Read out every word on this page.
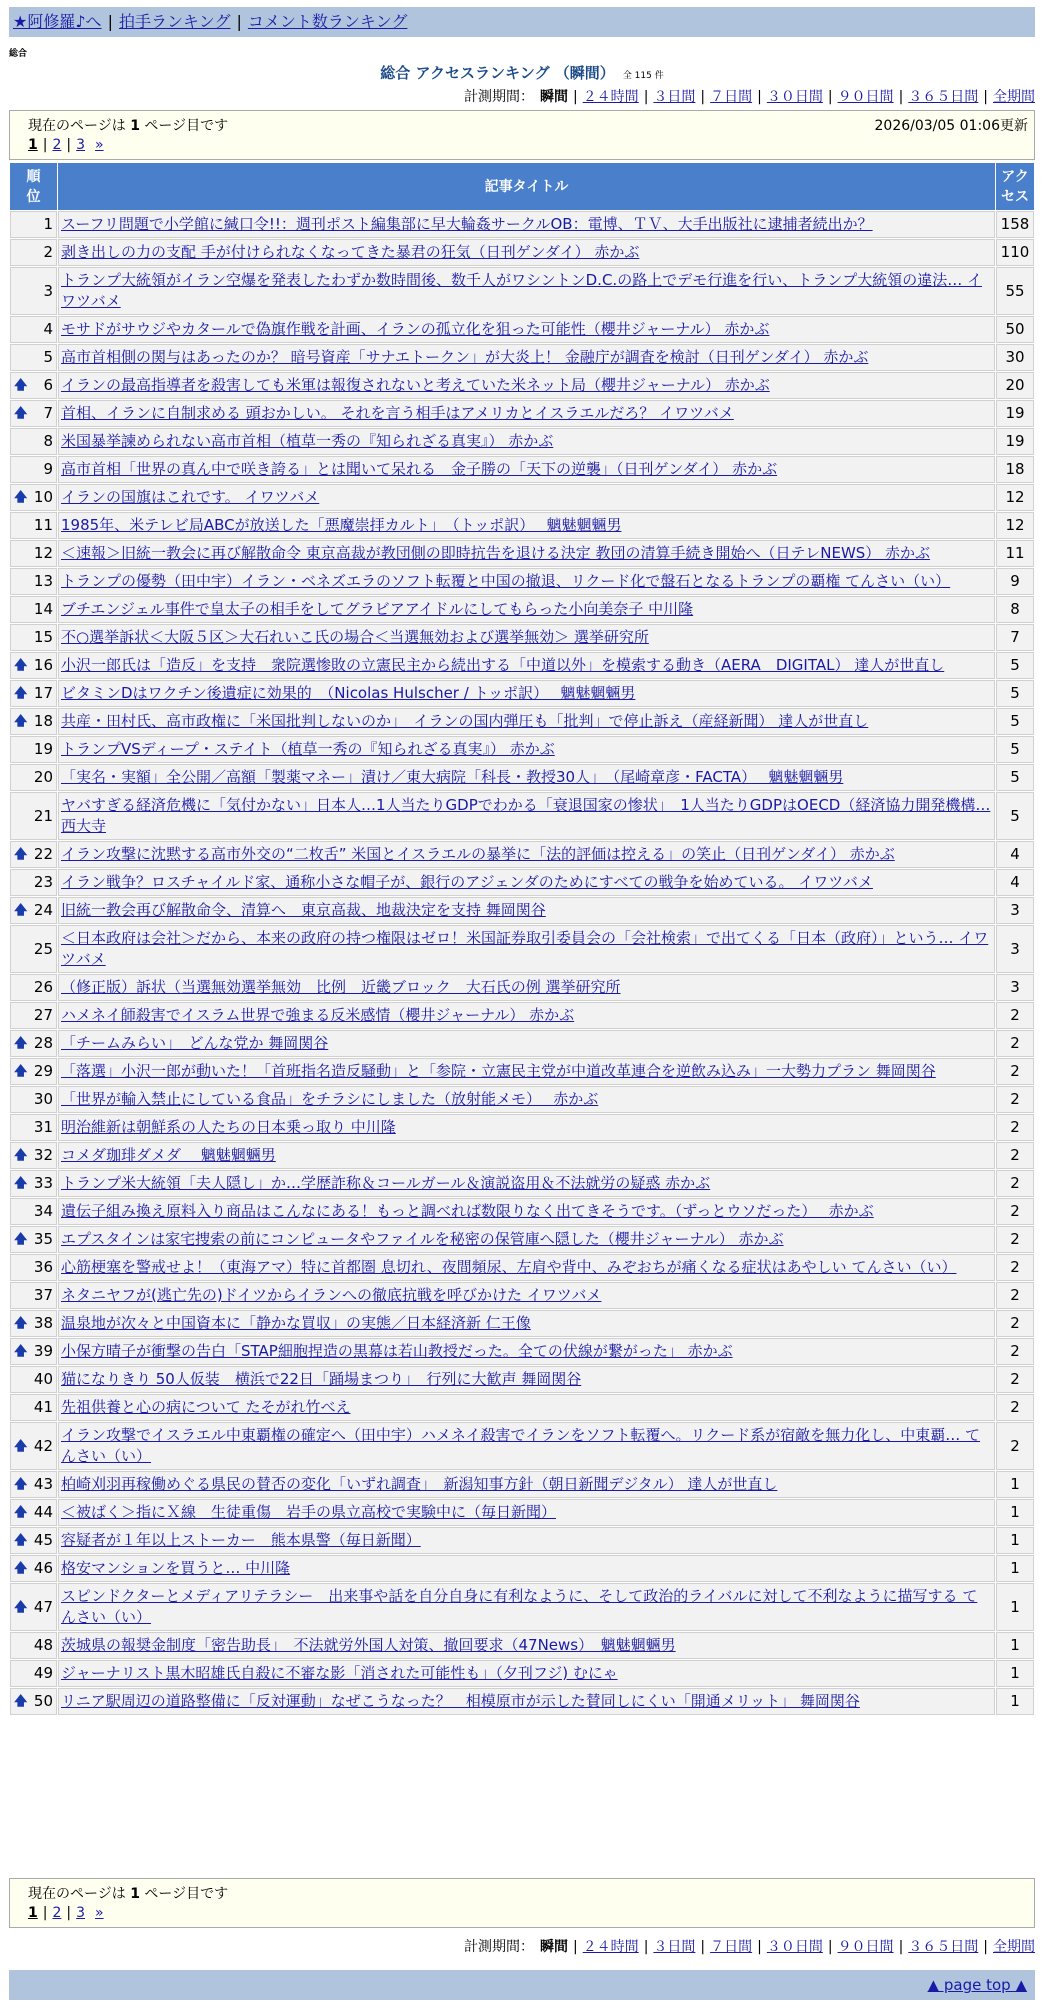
★阿修羅♪へ | 拍手ランキング | コメント数ランキング
総合
総合 アクセスランキング （瞬間） 全 115 件
計測期間： 瞬間 | ２４時間 | ３日間 | ７日間 | ３０日間 | ９０日間 | ３６５日間 | 全期間
現在のページは 1 ページ目です	2026/03/05 01:06更新
1 | 2 | 3 »
順位	記事タイトル	アクセス
1	スーフリ問題で小学館に緘口令!!：週刊ポスト編集部に早大輪姦サークルOB：電博、ＴＶ、大手出版社に逮捕者続出か？	158
2	剥き出しの力の支配 手が付けられなくなってきた暴君の狂気（日刊ゲンダイ） 赤かぶ	110
3	トランプ大統領がイラン空爆を発表したわずか数時間後、数千人がワシントンD.C.の路上でデモ行進を行い、トランプ大統領の違法… イワツバメ	55
4	モサドがサウジやカタールで偽旗作戦を計画、イランの孤立化を狙った可能性（櫻井ジャーナル） 赤かぶ	50
5	高市首相側の関与はあったのか？ 暗号資産「サナエトークン」が大炎上！ 金融庁が調査を検討（日刊ゲンダイ） 赤かぶ	30

🡅 6	イランの最高指導者を殺害しても米軍は報復されないと考えていた米ネット局（櫻井ジャーナル） 赤かぶ	20

🡅 7	首相、イランに自制求める 頭おかしい。 それを言う相手はアメリカとイスラエルだろ？ イワツバメ	19
8	米国暴挙諫められない高市首相（植草一秀の『知られざる真実』） 赤かぶ	19
9	高市首相「世界の真ん中で咲き誇る」とは聞いて呆れる　金子勝の「天下の逆襲」（日刊ゲンダイ） 赤かぶ	18

🡅 10	イランの国旗はこれです。 イワツバメ	12
11	1985年、米テレビ局ABCが放送した「悪魔崇拝カルト」　（トッポ訳）　 魑魅魍魎男	12
12	＜速報＞旧統一教会に再び解散命令 東京高裁が教団側の即時抗告を退ける決定 教団の清算手続き開始へ（日テレNEWS） 赤かぶ	11
13	トランプの優勢（田中宇）イラン・ベネズエラのソフト転覆と中国の撤退、リクード化で盤石となるトランプの覇権 てんさい（い）	9
14	ブチエンジェル事件で皇太子の相手をしてグラビアアイドルにしてもらった小向美奈子 中川隆	8
15	不○選挙訴状＜大阪５区＞大石れいこ氏の場合＜当選無効および選挙無効＞ 選挙研究所	7

🡅 16	小沢一郎氏は「造反」を支持　衆院選惨敗の立憲民主から続出する「中道以外」を模索する動き（AERA　DIGITAL） 達人が世直し	5

🡅 17	ビタミンDはワクチン後遺症に効果的　（Nicolas Hulscher / トッポ訳）　 魑魅魍魎男	5

🡅 18	共産・田村氏、高市政権に「米国批判しないのか」　イランの国内弾圧も「批判」で停止訴え（産経新聞） 達人が世直し	5
19	トランプVSディープ・ステイト（植草一秀の『知られざる真実』） 赤かぶ	5
20	「実名・実額」全公開／高額「製薬マネー」漬け／東大病院「科長・教授30人」　（尾崎章彦・FACTA）　 魑魅魍魎男	5
21	ヤバすぎる経済危機に「気付かない」日本人…1人当たりGDPでわかる「衰退国家の惨状」　1人当たりGDPはOECD（経済協力開発機構… 西大寺	5

🡅 22	イラン攻撃に沈黙する高市外交の“二枚舌” 米国とイスラエルの暴挙に「法的評価は控える」の笑止（日刊ゲンダイ） 赤かぶ	4
23	イラン戦争？ロスチャイルド家、通称小さな帽子が、銀行のアジェンダのためにすべての戦争を始めている。 イワツバメ	4

🡅 24	旧統一教会再び解散命令、清算へ　東京高裁、地裁決定を支持 舞岡関谷	3
25	＜日本政府は会社＞だから、本来の政府の持つ権限はゼロ！米国証券取引委員会の「会社検索」で出てくる「日本（政府）」という… イワツバメ	3
26	（修正版）訴状（当選無効選挙無効　比例　近畿ブロック　大石氏の例 選挙研究所	3
27	ハメネイ師殺害でイスラム世界で強まる反米感情（櫻井ジャーナル） 赤かぶ	2

🡅 28	「チームみらい」　どんな党か 舞岡関谷	2

🡅 29	「落選」小沢一郎が動いた！「首班指名造反騒動」と「参院・立憲民主党が中道改革連合を逆飲み込み」一大勢力プラン 舞岡関谷	2
30	「世界が輸入禁止にしている食品」をチラシにしました（放射能メモ）　 赤かぶ	2
31	明治維新は朝鮮系の人たちの日本乗っ取り 中川隆	2

🡅 32	コメダ珈琲ダメダ　 魑魅魍魎男	2

🡅 33	トランプ米大統領「夫人隠し」か…学歴詐称＆コールガール＆演説盗用＆不法就労の疑惑 赤かぶ	2
34	遺伝子組み換え原料入り商品はこんなにある！もっと調べれば数限りなく出てきそうです。（ずっとウソだった）　 赤かぶ	2

🡅 35	エプスタインは家宅捜索の前にコンピュータやファイルを秘密の保管庫へ隠した（櫻井ジャーナル） 赤かぶ	2
36	心筋梗塞を警戒せよ！（東海アマ）特に首都圏 息切れ、夜間頻尿、左肩や背中、みぞおちが痛くなる症状はあやしい てんさい（い）	2
37	ネタニヤフが(逃亡先の)ドイツからイランへの徹底抗戦を呼びかけた イワツバメ	2

🡅 38	温泉地が次々と中国資本に「静かな買収」の実態／日本経済新 仁王像	2

🡅 39	小保方晴子が衝撃の告白「STAP細胞捏造の黒幕は若山教授だった。全ての伏線が繋がった」 赤かぶ	2
40	猫になりきり 50人仮装　横浜で22日「踊場まつり」　行列に大歓声 舞岡関谷	2
41	先祖供養と心の病について たそがれ竹べえ	2

🡅 42	イラン攻撃でイスラエル中東覇権の確定へ（田中宇）ハメネイ殺害でイランをソフト転覆へ。リクード系が宿敵を無力化し、中東覇… てんさい（い）	2

🡅 43	柏崎刈羽再稼働めぐる県民の賛否の変化「いずれ調査」　新潟知事方針（朝日新聞デジタル） 達人が世直し	1

🡅 44	＜被ばく＞指にＸ線　生徒重傷　岩手の県立高校で実験中に（毎日新聞）	1

🡅 45	容疑者が１年以上ストーカー　熊本県警（毎日新聞）	1

🡅 46	格安マンションを買うと… 中川隆	1

🡅 47	スピンドクターとメディアリテラシー　出来事や話を自分自身に有利なように、そして政治的ライバルに対して不利なように描写する てんさい（い）	1
48	茨城県の報奨金制度「密告助長」　不法就労外国人対策、撤回要求（47News）　魑魅魍魎男	1
49	ジャーナリスト黒木昭雄氏自殺に不審な影「消された可能性も」（夕刊フジ) むにゃ	1

🡅 50	リニア駅周辺の道路整備に「反対運動」なぜこうなった？　相模原市が示した賛同しにくい「開通メリット」 舞岡関谷	1
計測期間： 瞬間 | ２４時間 | ３日間 | ７日間 | ３０日間 | ９０日間 | ３６５日間 | 全期間
現在のページは 1 ページ目です
1 | 2 | 3 »
▲ page top ▲
